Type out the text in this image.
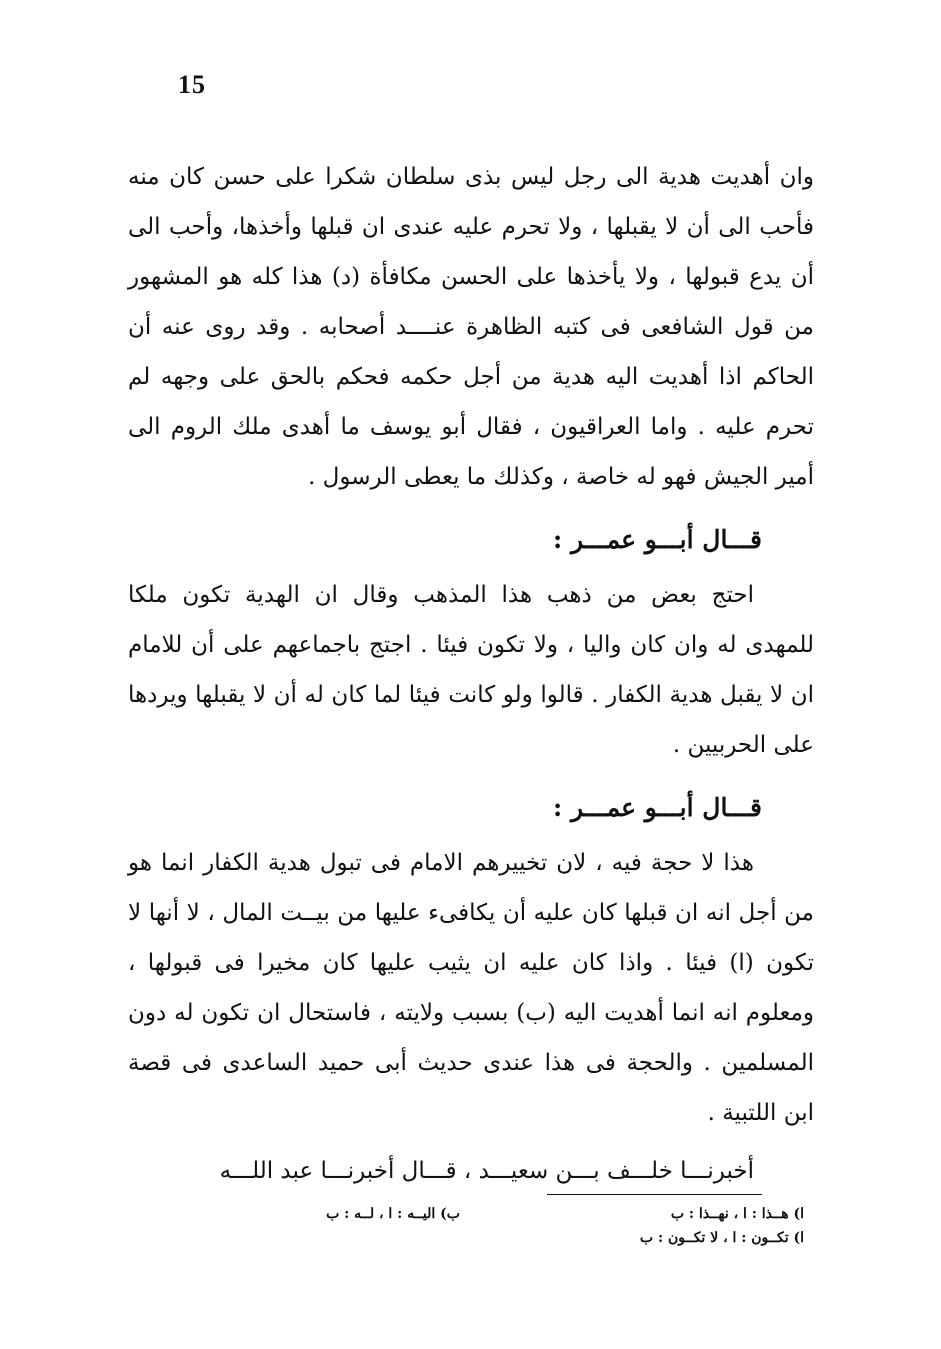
15

وان أهديت هدية الى رجل ليس بذى سلطان شكرا على حسن كان منه فأحب الى أن لا يقبلها ، ولا تحرم عليه عندى ان قبلها وأخذها، وأحب الى أن يدع قبولها ، ولا يأخذها على الحسن مكافأة (د) هذا كله هو المشهور من قول الشافعى فى كتبه الظاهرة عنــــد أصحابه . وقد روى عنه أن الحاكم اذا أهديت اليه هدية من أجل حكمه فحكم بالحق على وجهه لم تحرم عليه . واما العراقيون ، فقال أبو يوسف ما أهدى ملك الروم الى أمير الجيش فهو له خاصة ، وكذلك ما يعطى الرسول .

قـــال أبـــو عمـــر :

احتج بعض من ذهب هذا المذهب وقال ان الهدية تكون ملكا للمهدى له وان كان واليا ، ولا تكون فيئا . اجتج باجماعهم على أن للامام ان لا يقبل هدية الكفار . قالوا ولو كانت فيئا لما كان له أن لا يقبلها ويردها على الحربيين .

قـــال أبـــو عمـــر :

هذا لا حجة فيه ، لان تخييرهم الامام فى تبول هدية الكفار انما هو من أجل انه ان قبلها كان عليه أن يكافىء عليها من بيــت المال ، لا أنها لا تكون (ا) فيئا . واذا كان عليه ان يثيب عليها كان مخيرا فى قبولها ، ومعلوم انه انما أهديت اليه (ب) بسبب ولايته ، فاستحال ان تكون له دون المسلمين . والحجة فى هذا عندى حديث أبى حميد الساعدى فى قصة ابن اللتبية .

أخبرنـــا خلـــف بـــن سعيـــد ، قـــال أخبرنـــا عبد اللـــه

ا) هــذا : ا ، نهــذا : ب
ا) تكــون : ا ، لا تكــون : ب
ب) اليــه : ا ، لــه : ب
